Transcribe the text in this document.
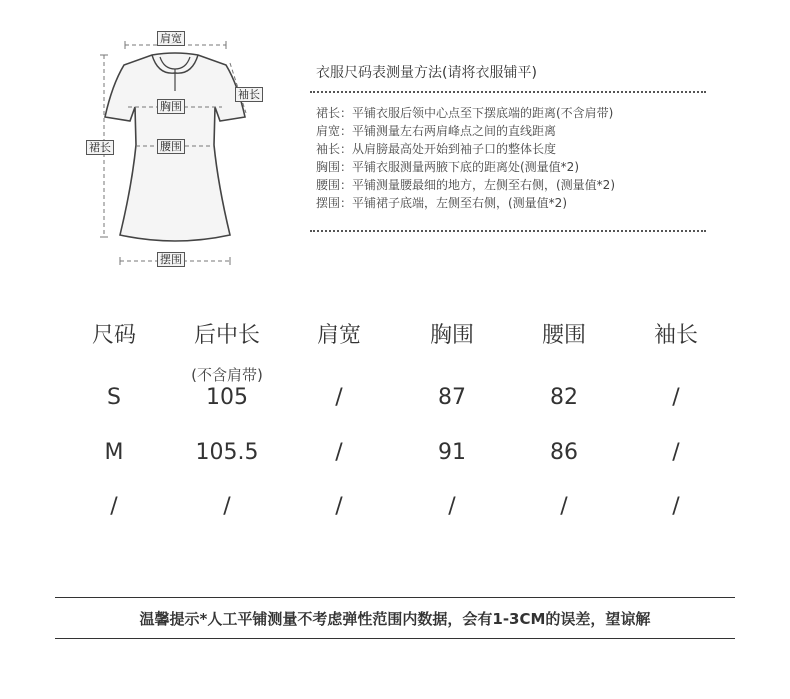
肩宽
袖长
胸围
裙长	腰围
摆围
衣服尺码表测量方法(请将衣服铺平)
裙长：平铺衣服后领中心点至下摆底端的距离(不含肩带)
肩宽：平铺测量左右两肩峰点之间的直线距离
袖长：从肩膀最高处开始到袖子口的整体长度
胸围：平铺衣服测量两腋下底的距离处(测量值*2)
腰围：平铺测量腰最细的地方，左侧至右侧，(测量值*2)
摆围：平铺裙子底端，左侧至右侧，(测量值*2)
尺码	后中长	肩宽	胸围	腰围	袖长
(不含肩带)
S	105	/	87	82	/
M	105.5	/	91	86	/
/	/	/	/	/	/
温馨提示*人工平铺测量不考虑弹性范围内数据，会有1-3CM的误差，望谅解
